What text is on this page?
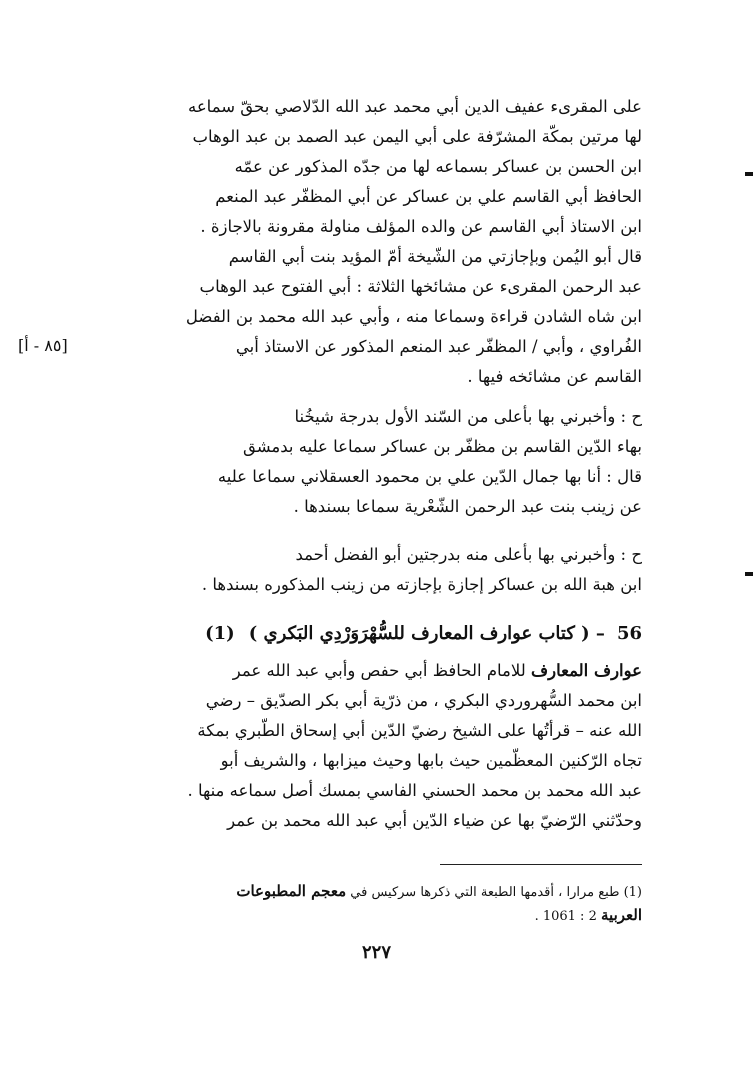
[٨٥ - أ]
على المقرىء عفيف الدين أبي محمد عبد الله الدّلاصي بحقّ سماعه
لها مرتين بمكّة المشرّفة على أبي اليمن عبد الصمد بن عبد الوهاب
ابن الحسن بن عساكر بسماعه لها من جدّه المذكور عن عمّه
الحافظ أبي القاسم علي بن عساكر عن أبي المظفّر عبد المنعم
ابن الاستاذ أبي القاسم عن والده المؤلف مناولة مقرونة بالاجازة .
قال أبو اليُمن وبإجازتي من الشّيخة أمّ المؤيد بنت أبي القاسم
عبد الرحمن المقرىء عن مشائخها الثلاثة : أبي الفتوح عبد الوهاب
ابن شاه الشادن قراءة وسماعا منه ، وأبي عبد الله محمد بن الفضل
الفُراوي ، وأبي / المظفّر عبد المنعم المذكور عن الاستاذ أبي
القاسم عن مشائخه فيها .
ح : وأخبرني بها بأعلى من السّند الأول بدرجة شيخُنا
بهاء الدّين القاسم بن مظفّر بن عساكر سماعا عليه بدمشق
قال : أنا بها جمال الدّين علي بن محمود العسقلاني سماعا عليه
عن زينب بنت عبد الرحمن الشّعْرية سماعا بسندها .
ح : وأخبرني بها بأعلى منه بدرجتين أبو الفضل أحمد
ابن هبة الله بن عساكر إجازة بإجازته من زينب المذكوره بسندها .
56
– ( كتاب عوارف المعارف للسُّهْرَوَرْدِي البَكري )
(1)
عوارف المعارف للامام الحافظ أبي حفص وأبي عبد الله عمر
ابن محمد السُّهروردي البكري ، من ذرّية أبي بكر الصدّيق – رضي
الله عنه – قرأتُها على الشيخ رضيّ الدّين أبي إسحاق الطّبري بمكة
تجاه الرّكنين المعظّمين حيث بابها وحيث ميزابها ، والشريف أبو
عبد الله محمد بن محمد الحسني الفاسي بمسك أصل سماعه منها .
وحدّثني الرّضيّ بها عن ضياء الدّين أبي عبد الله محمد بن عمر
(1) طبع مرارا ، أقدمها الطبعة التي ذكرها سركيس في معجم المطبوعات
العربية 2 : 1061 .
٢٢٧
